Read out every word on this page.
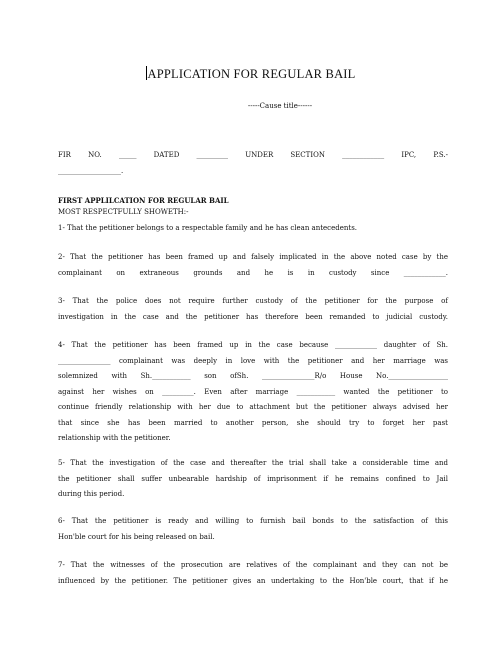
APPLICATION FOR REGULAR BAIL
-----Cause title------
FIR NO. _____ DATED _________ UNDER SECTION ____________ IPC, P.S.-
__________________.
FIRST APPLILCATION FOR REGULAR BAIL
MOST RESPECTFULLY SHOWETH:-
1- That the petitioner belongs to a respectable family and he has clean antecedents.
2- That the petitioner has been framed up and falsely implicated in the above noted case by the
complainant on extraneous grounds and he is in custody since ____________.
3- That the police does not require further custody of the petitioner for the purpose of
investigation in the case and the petitioner has therefore been remanded to judicial custody.
4- That the petitioner has been framed up in the case because ____________ daughter of Sh.
_______________ complainant was deeply in love with the petitioner and her marriage was
solemnized with Sh.___________ son ofSh. _______________R/o House No._________________
against her wishes on _________. Even after marriage ___________ wanted the petitioner to
continue friendly relationship with her due to attachment but the petitioner always advised her
that since she has been married to another person, she should try to forget her past
relationship with the petitioner.
5- That the investigation of the case and thereafter the trial shall take a considerable time and
the petitioner shall suffer unbearable hardship of imprisonment if he remains confined to Jail
during this period.
6- That the petitioner is ready and willing to furnish bail bonds to the satisfaction of this
Hon'ble court for his being released on bail.
7- That the witnesses of the prosecution are relatives of the complainant and they can not be
influenced by the petitioner. The petitioner gives an undertaking to the Hon'ble court, that if he
